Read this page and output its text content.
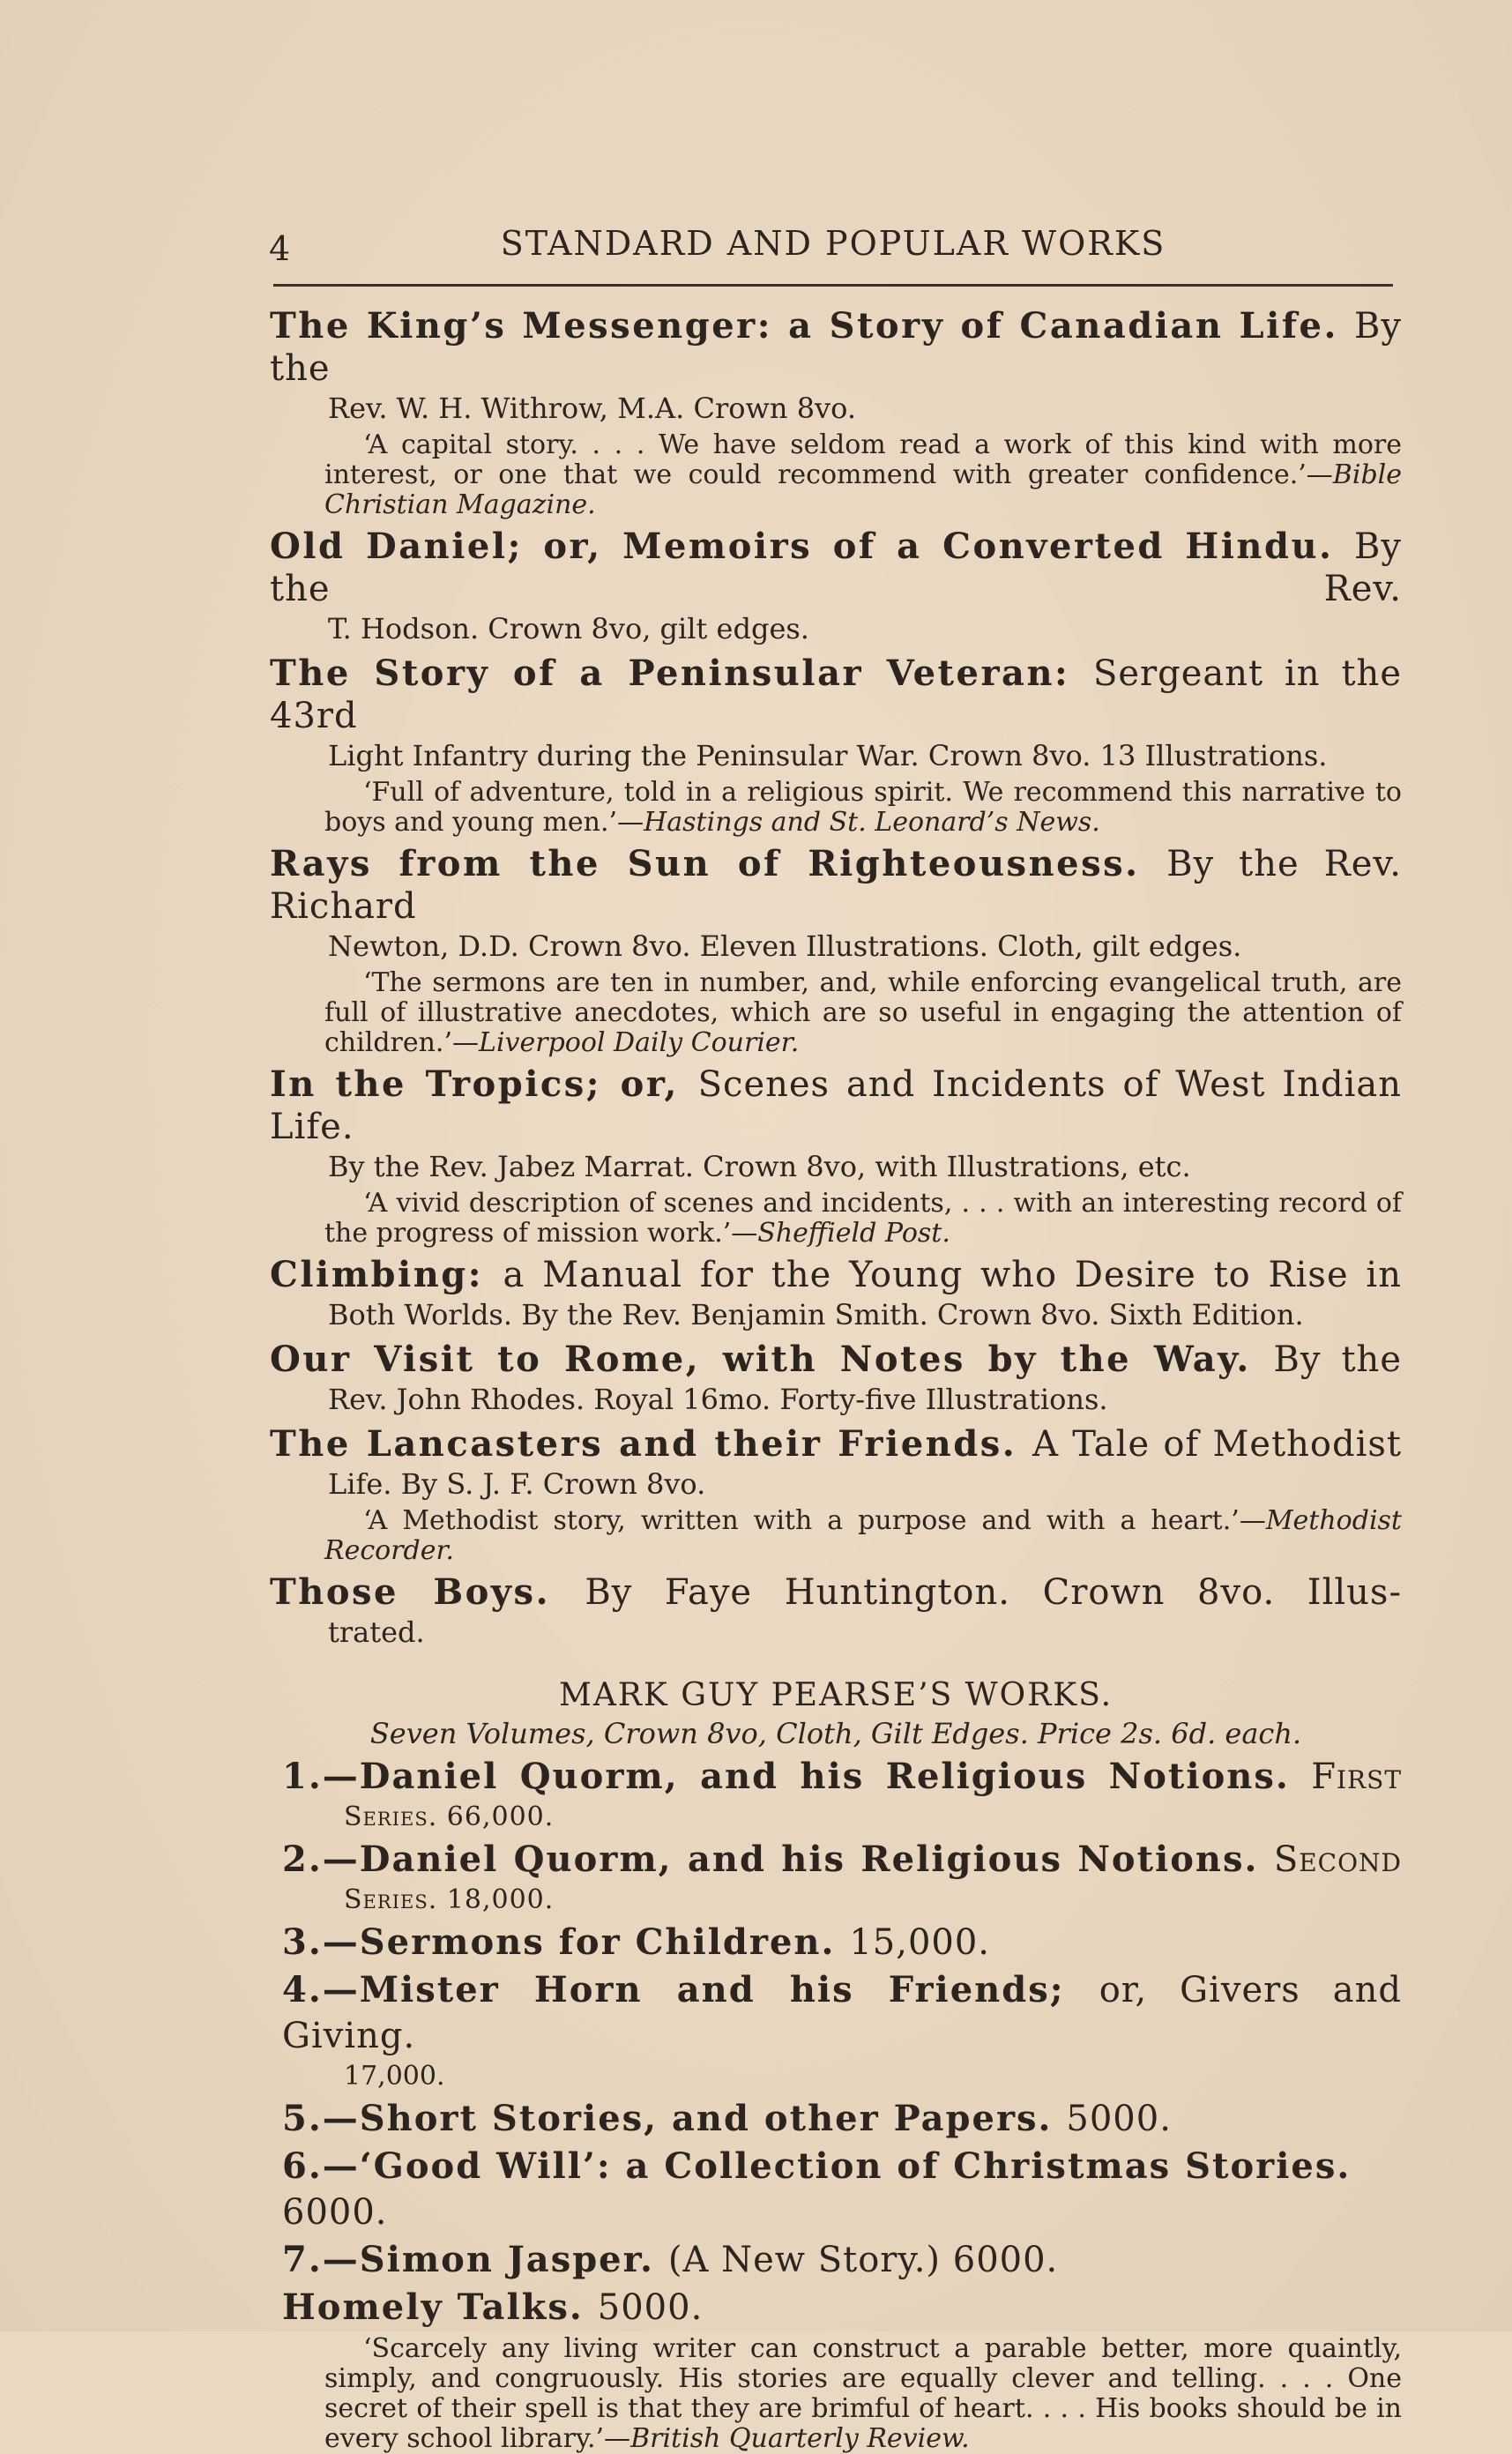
4	STANDARD AND POPULAR WORKS

The King’s Messenger: a Story of Canadian Life. By the

Rev. W. H. Withrow, M.A. Crown 8vo.

‘A capital story. . . . We have seldom read a work of this kind with more interest, or one that we could recommend with greater confidence.’—Bible Christian Magazine.

Old Daniel; or, Memoirs of a Converted Hindu. By the Rev.

T. Hodson. Crown 8vo, gilt edges.

The Story of a Peninsular Veteran: Sergeant in the 43rd

Light Infantry during the Peninsular War. Crown 8vo. 13 Illustrations.

‘Full of adventure, told in a religious spirit. We recommend this narrative to boys and young men.’—Hastings and St. Leonard’s News.

Rays from the Sun of Righteousness. By the Rev. Richard

Newton, D.D. Crown 8vo. Eleven Illustrations. Cloth, gilt edges.

‘The sermons are ten in number, and, while enforcing evangelical truth, are full of illustrative anecdotes, which are so useful in engaging the attention of children.’—Liverpool Daily Courier.

In the Tropics; or, Scenes and Incidents of West Indian Life.

By the Rev. Jabez Marrat. Crown 8vo, with Illustrations, etc.

‘A vivid description of scenes and incidents, . . . with an interesting record of the progress of mission work.’—Sheffield Post.

Climbing: a Manual for the Young who Desire to Rise in

Both Worlds. By the Rev. Benjamin Smith. Crown 8vo. Sixth Edition.

Our Visit to Rome, with Notes by the Way. By the

Rev. John Rhodes. Royal 16mo. Forty-five Illustrations.

The Lancasters and their Friends. A Tale of Methodist

Life. By S. J. F. Crown 8vo.

‘A Methodist story, written with a purpose and with a heart.’—Methodist Recorder.

Those Boys. By Faye Huntington. Crown 8vo. Illus-

trated.

MARK GUY PEARSE’S WORKS.

Seven Volumes, Crown 8vo, Cloth, Gilt Edges. Price 2s. 6d. each.

1.—Daniel Quorm, and his Religious Notions. First

Series. 66,000.

2.—Daniel Quorm, and his Religious Notions. Second

Series. 18,000.

3.—Sermons for Children. 15,000.

4.—Mister Horn and his Friends; or, Givers and Giving.

17,000.

5.—Short Stories, and other Papers. 5000.

6.—‘Good Will’: a Collection of Christmas Stories. 6000.

7.—Simon Jasper. (A New Story.) 6000.

Homely Talks. 5000.

‘Scarcely any living writer can construct a parable better, more quaintly, simply, and congruously. His stories are equally clever and telling. . . . One secret of their spell is that they are brimful of heart. . . . His books should be in every school library.’—British Quarterly Review.
